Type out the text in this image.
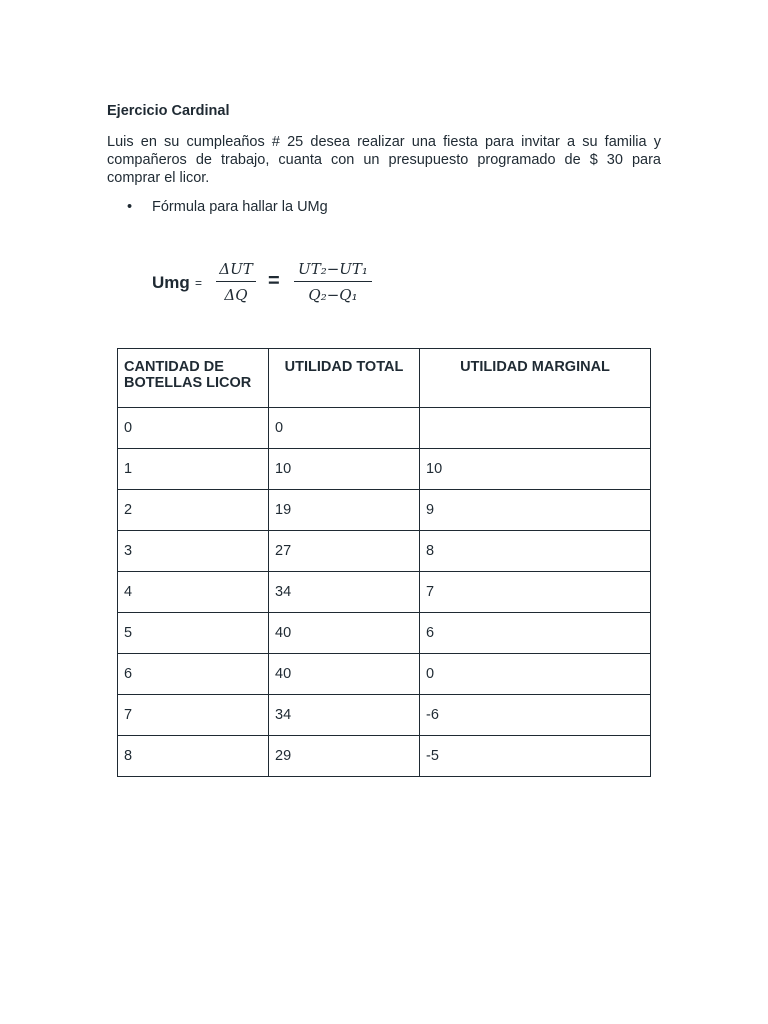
Ejercicio Cardinal
Luis en su cumpleaños # 25 desea realizar una fiesta para invitar a su familia y compañeros de trabajo, cuanta con un presupuesto programado de $ 30 para comprar el licor.
• Fórmula para hallar la UMg
Umg =
ΔUT
ΔQ
=
UT₂−UT₁
Q₂−Q₁
CANTIDAD DE BOTELLAS LICOR	UTILIDAD TOTAL	UTILIDAD MARGINAL
0	0	
1	10	10
2	19	9
3	27	8
4	34	7
5	40	6
6	40	0
7	34	-6
8	29	-5
